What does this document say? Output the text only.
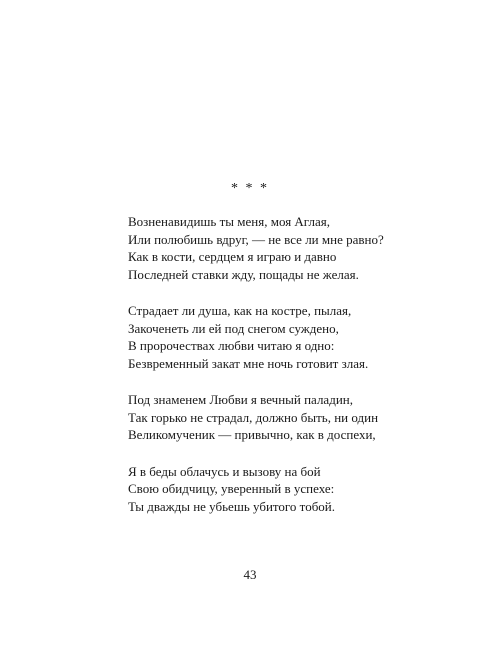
* * *
Возненавидишь ты меня, моя Аглая,
Или полюбишь вдруг, — не все ли мне равно?
Как в кости, сердцем я играю и давно
Последней ставки жду, пощады не желая.
Страдает ли душа, как на костре, пылая,
Закоченеть ли ей под снегом суждено,
В пророчествах любви читаю я одно:
Безвременный закат мне ночь готовит злая.
Под знаменем Любви я вечный паладин,
Так горько не страдал, должно быть, ни один
Великомученик — привычно, как в доспехи,
Я в беды облачусь и вызову на бой
Свою обидчицу, уверенный в успехе:
Ты дважды не убьешь убитого тобой.
43
